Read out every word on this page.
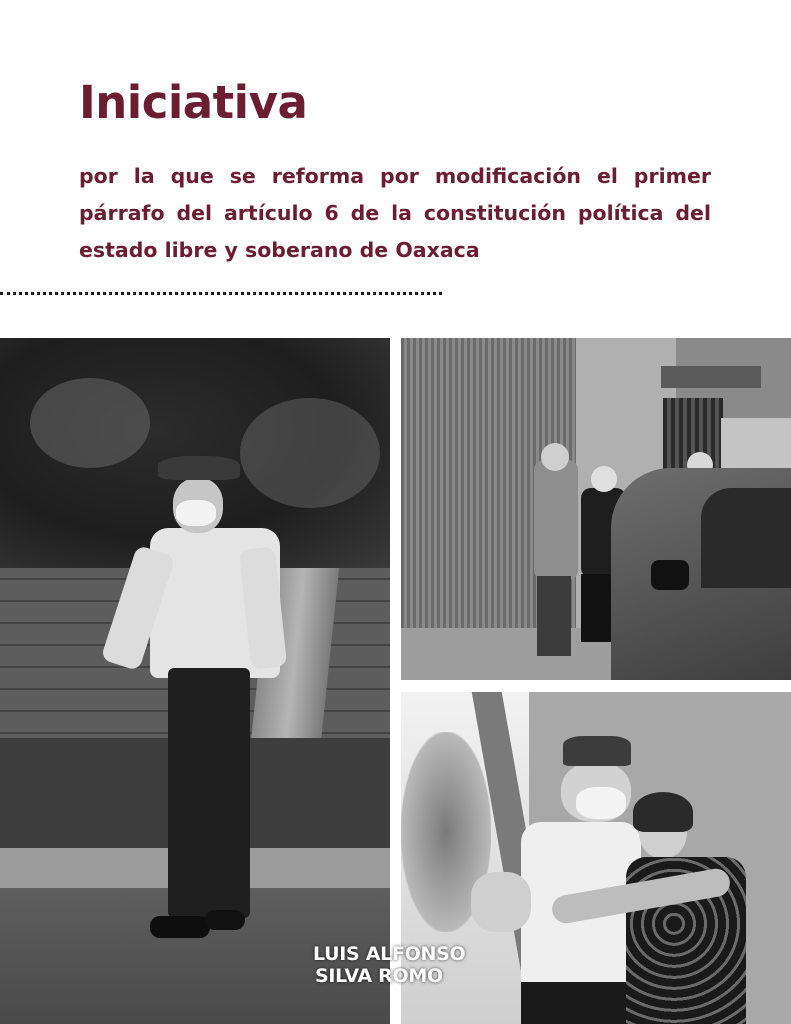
Iniciativa

por la que se reforma por modificación el primer párrafo del artículo 6 de la constitución política del estado libre y soberano de Oaxaca

LUIS ALFONSO
SILVA ROMO
